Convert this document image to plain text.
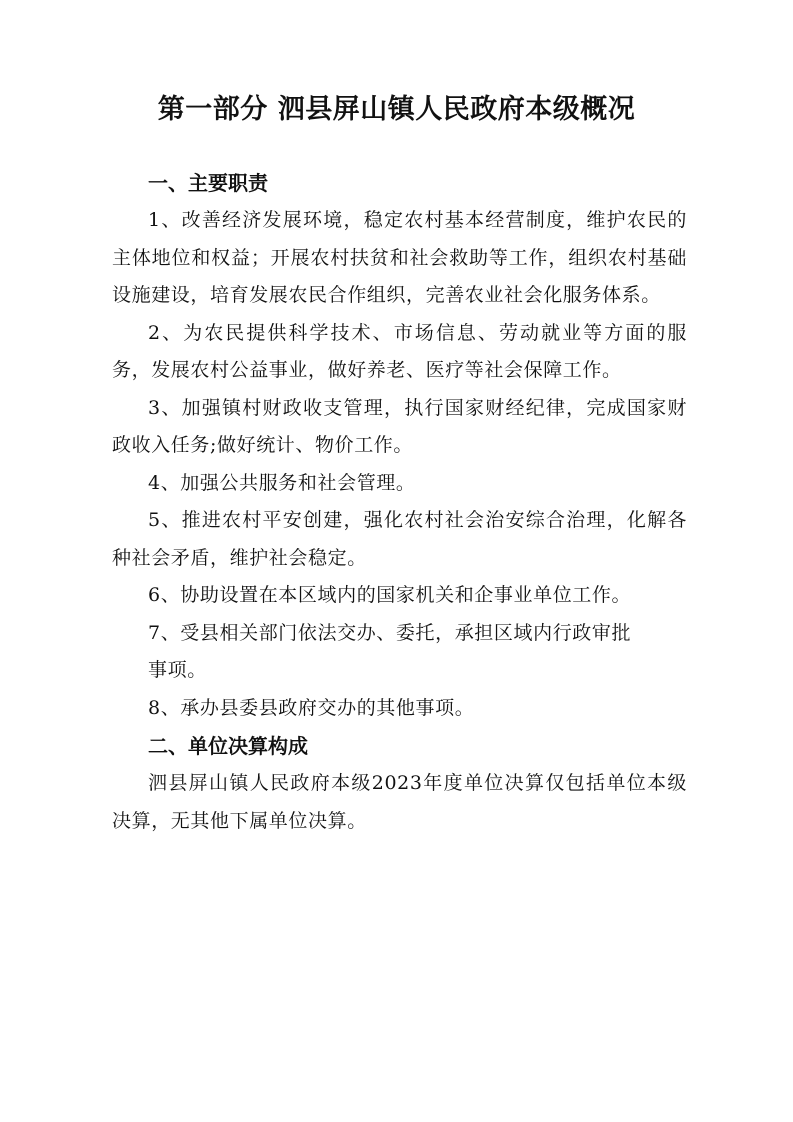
第一部分 泗县屏山镇人民政府本级概况
一、主要职责

1、改善经济发展环境，稳定农村基本经营制度，维护农民的主体地位和权益；开展农村扶贫和社会救助等工作，组织农村基础设施建设，培育发展农民合作组织，完善农业社会化服务体系。

2、为农民提供科学技术、市场信息、劳动就业等方面的服务，发展农村公益事业，做好养老、医疗等社会保障工作。

3、加强镇村财政收支管理，执行国家财经纪律，完成国家财政收入任务;做好统计、物价工作。

4、加强公共服务和社会管理。

5、推进农村平安创建，强化农村社会治安综合治理，化解各种社会矛盾，维护社会稳定。

6、协助设置在本区域内的国家机关和企事业单位工作。

7、受县相关部门依法交办、委托，承担区域内行政审批

事项。

8、承办县委县政府交办的其他事项。

二、单位决算构成

泗县屏山镇人民政府本级2023年度单位决算仅包括单位本级决算，无其他下属单位决算。
